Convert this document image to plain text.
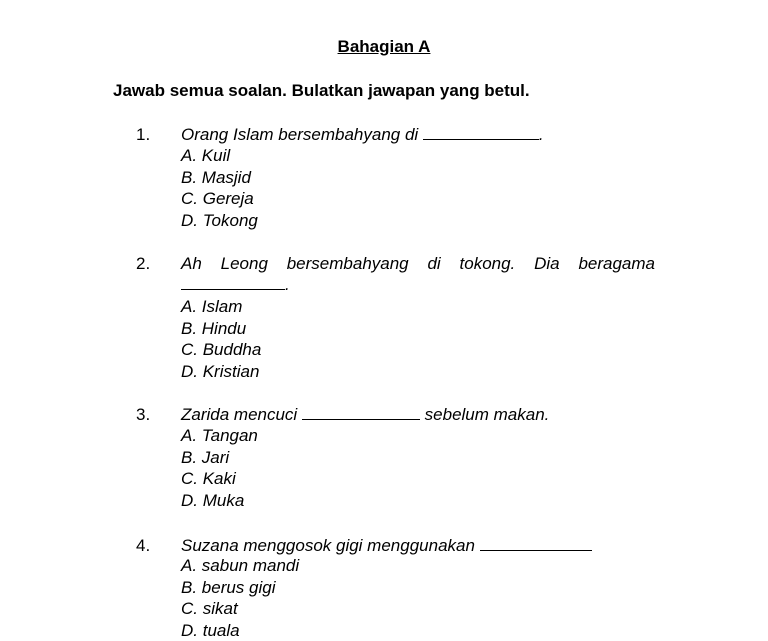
Bahagian A
Jawab semua soalan. Bulatkan jawapan yang betul.
1. Orang Islam bersembahyang di	.
A. Kuil
B. Masjid
C. Gereja
D. Tokong
2. Ah Leong bersembahyang di tokong. Dia beragama
.
A. Islam
B. Hindu
C. Buddha
D. Kristian
3. Zarida mencuci	sebelum makan.
A. Tangan
B. Jari
C. Kaki
D. Muka
4. Suzana menggosok gigi menggunakan
A. sabun mandi
B. berus gigi
C. sikat
D. tuala
